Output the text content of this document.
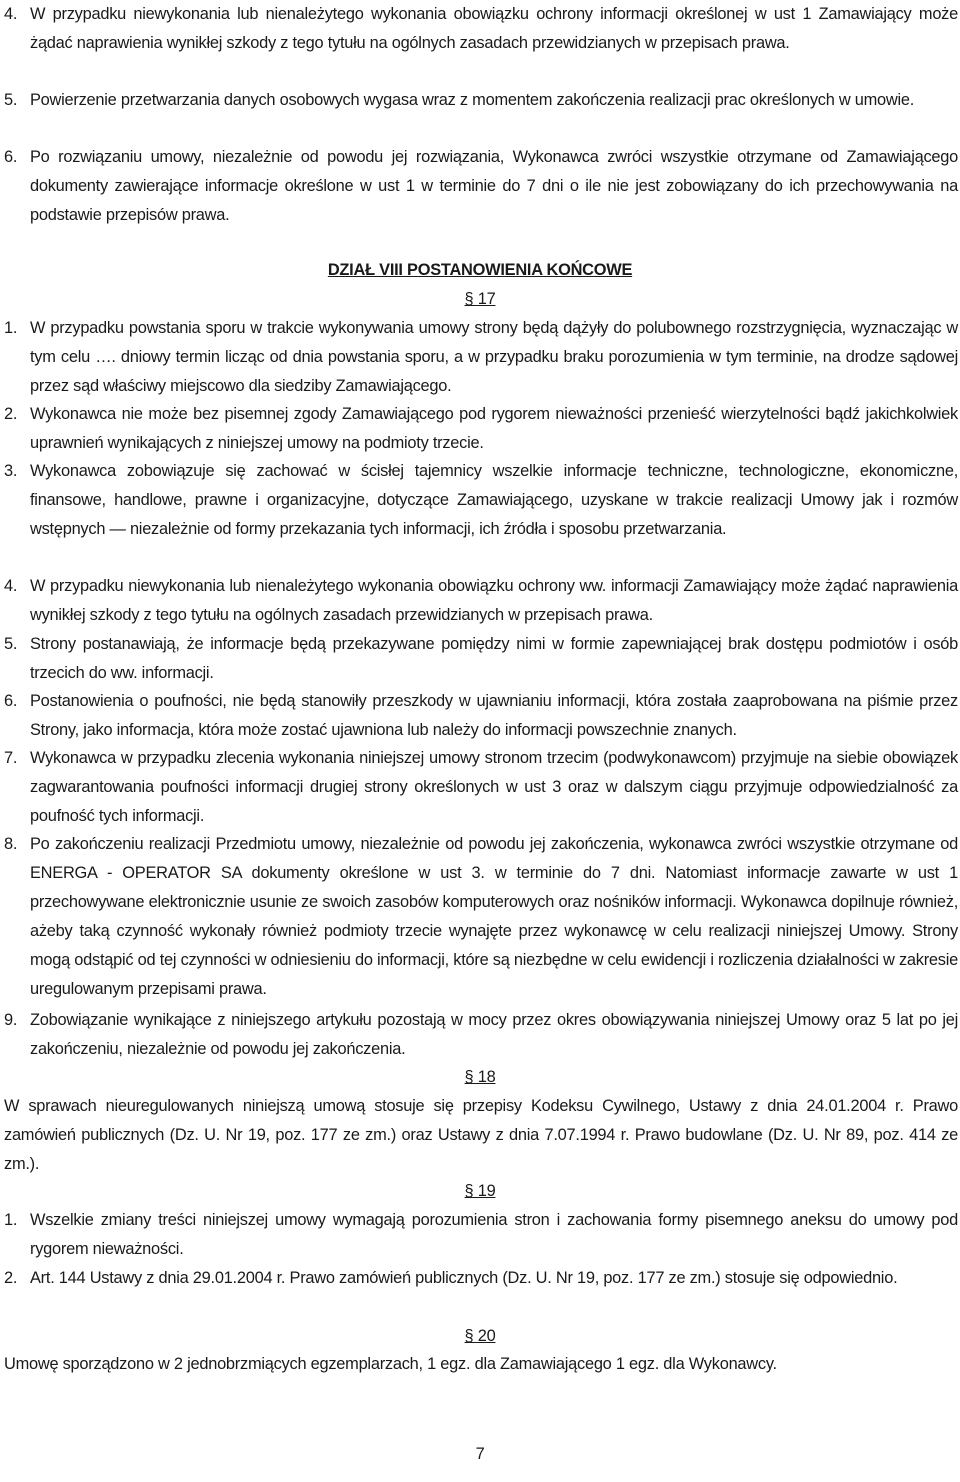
4. W przypadku niewykonania lub nienależytego wykonania obowiązku ochrony informacji określonej w ust 1 Zamawiający może żądać naprawienia wynikłej szkody z tego tytułu na ogólnych zasadach przewidzianych w przepisach prawa.
5. Powierzenie przetwarzania danych osobowych wygasa wraz z momentem zakończenia realizacji prac określonych w umowie.
6. Po rozwiązaniu umowy, niezależnie od powodu jej rozwiązania, Wykonawca zwróci wszystkie otrzymane od Zamawiającego dokumenty zawierające informacje określone w ust 1 w terminie do 7 dni o ile nie jest zobowiązany do ich przechowywania na podstawie przepisów prawa.
DZIAŁ VIII POSTANOWIENIA KOŃCOWE
§ 17
1. W przypadku powstania sporu w trakcie wykonywania umowy strony będą dążyły do polubownego rozstrzygnięcia, wyznaczając w tym celu …. dniowy termin licząc od dnia powstania sporu, a w przypadku braku porozumienia w tym terminie, na drodze sądowej przez sąd właściwy miejscowo dla siedziby Zamawiającego.
2. Wykonawca nie może bez pisemnej zgody Zamawiającego pod rygorem nieważności przenieść wierzytelności bądź jakichkolwiek uprawnień wynikających z niniejszej umowy na podmioty trzecie.
3. Wykonawca zobowiązuje się zachować w ścisłej tajemnicy wszelkie informacje techniczne, technologiczne, ekonomiczne, finansowe, handlowe, prawne i organizacyjne, dotyczące Zamawiającego, uzyskane w trakcie realizacji Umowy jak i rozmów wstępnych — niezależnie od formy przekazania tych informacji, ich źródła i sposobu przetwarzania.
4. W przypadku niewykonania lub nienależytego wykonania obowiązku ochrony ww. informacji Zamawiający może żądać naprawienia wynikłej szkody z tego tytułu na ogólnych zasadach przewidzianych w przepisach prawa.
5. Strony postanawiają, że informacje będą przekazywane pomiędzy nimi w formie zapewniającej brak dostępu podmiotów i osób trzecich do ww. informacji.
6. Postanowienia o poufności, nie będą stanowiły przeszkody w ujawnianiu informacji, która została zaaprobowana na piśmie przez Strony, jako informacja, która może zostać ujawniona lub należy do informacji powszechnie znanych.
7. Wykonawca w przypadku zlecenia wykonania niniejszej umowy stronom trzecim (podwykonawcom) przyjmuje na siebie obowiązek zagwarantowania poufności informacji drugiej strony określonych w ust 3 oraz w dalszym ciągu przyjmuje odpowiedzialność za poufność tych informacji.
8. Po zakończeniu realizacji Przedmiotu umowy, niezależnie od powodu jej zakończenia, wykonawca zwróci wszystkie otrzymane od ENERGA - OPERATOR SA dokumenty określone w ust 3. w terminie do 7 dni. Natomiast informacje zawarte w ust 1 przechowywane elektronicznie usunie ze swoich zasobów komputerowych oraz nośników informacji. Wykonawca dopilnuje również, ażeby taką czynność wykonały również podmioty trzecie wynajęte przez wykonawcę w celu realizacji niniejszej Umowy. Strony mogą odstąpić od tej czynności w odniesieniu do informacji, które są niezbędne w celu ewidencji i rozliczenia działalności w zakresie uregulowanym przepisami prawa.
9. Zobowiązanie wynikające z niniejszego artykułu pozostają w mocy przez okres obowiązywania niniejszej Umowy oraz 5 lat po jej zakończeniu, niezależnie od powodu jej zakończenia.
§ 18
W sprawach nieuregulowanych niniejszą umową stosuje się przepisy Kodeksu Cywilnego, Ustawy z dnia 24.01.2004 r. Prawo zamówień publicznych (Dz. U. Nr 19, poz. 177 ze zm.) oraz Ustawy z dnia 7.07.1994 r. Prawo budowlane (Dz. U. Nr 89, poz. 414 ze zm.).
§ 19
1. Wszelkie zmiany treści niniejszej umowy wymagają porozumienia stron i zachowania formy pisemnego aneksu do umowy pod rygorem nieważności.
2. Art. 144 Ustawy z dnia 29.01.2004 r. Prawo zamówień publicznych (Dz. U. Nr 19, poz. 177 ze zm.) stosuje się odpowiednio.
§ 20
Umowę sporządzono w 2 jednobrzmiących egzemplarzach, 1 egz. dla Zamawiającego 1 egz. dla Wykonawcy.
7
